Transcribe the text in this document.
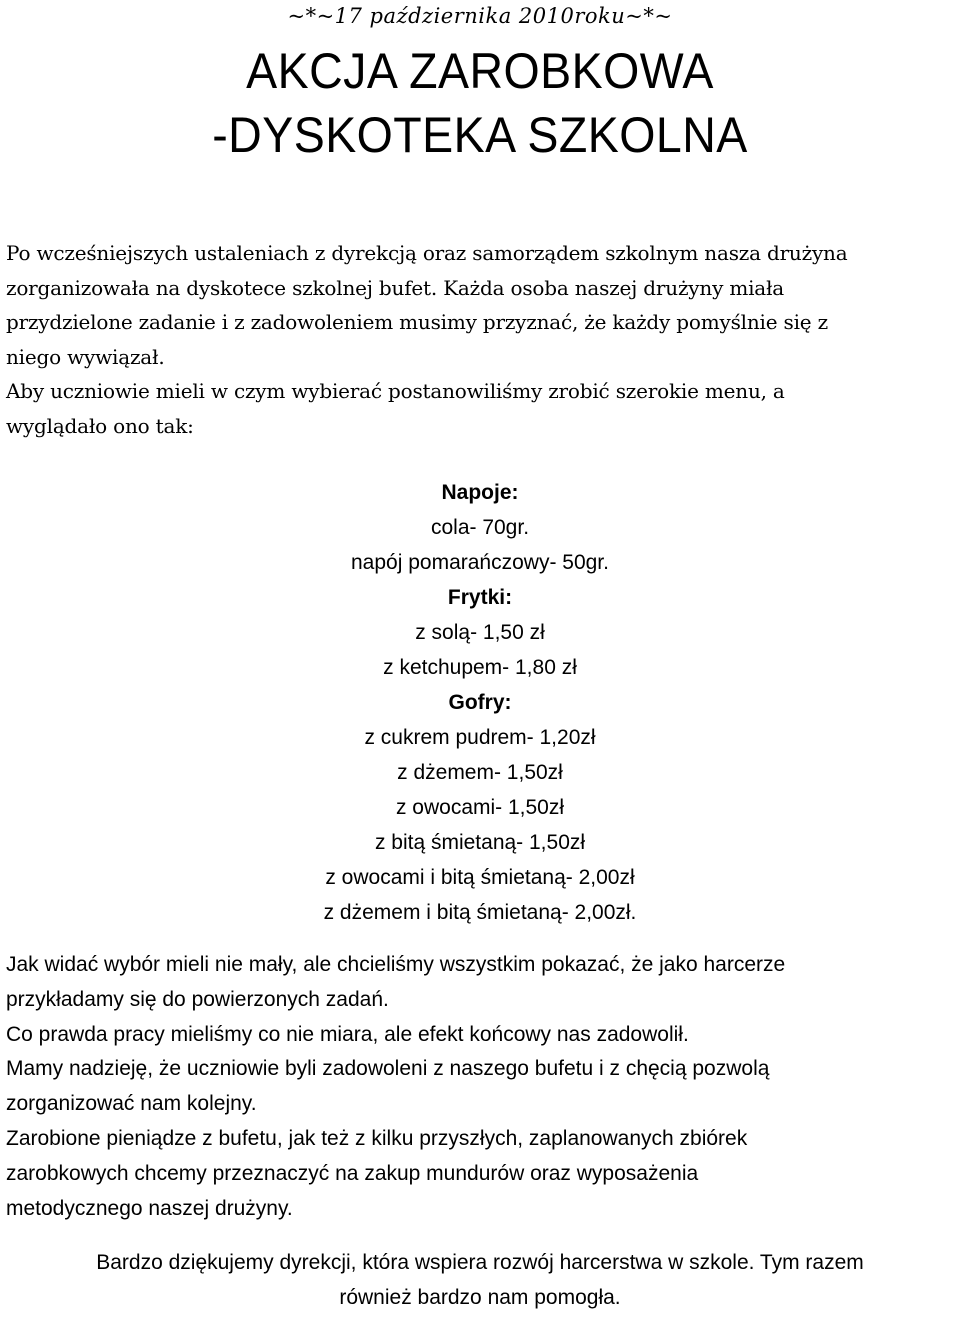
~*~17 października 2010roku~*~

AKCJA ZAROBKOWA
-DYSKOTEKA SZKOLNA

Po wcześniejszych ustaleniach z dyrekcją oraz samorządem szkolnym nasza drużyna

zorganizowała na dyskotece szkolnej bufet. Każda osoba naszej drużyny miała

przydzielone zadanie i z zadowoleniem musimy przyznać, że każdy pomyślnie się z

niego wywiązał.

Aby uczniowie mieli w czym wybierać postanowiliśmy zrobić szerokie menu, a

wyglądało ono tak:

Napoje:

cola- 70gr.

napój pomarańczowy- 50gr.

Frytki:

z solą- 1,50 zł

z ketchupem- 1,80 zł

Gofry:

z cukrem pudrem- 1,20zł

z dżemem- 1,50zł

z owocami- 1,50zł

z bitą śmietaną- 1,50zł

z owocami i bitą śmietaną- 2,00zł

z dżemem i bitą śmietaną- 2,00zł.

Jak widać wybór mieli nie mały, ale chcieliśmy wszystkim pokazać, że jako harcerze

przykładamy się do powierzonych zadań.

Co prawda pracy mieliśmy co nie miara, ale efekt końcowy nas zadowolił.

Mamy nadzieję, że uczniowie byli zadowoleni z naszego bufetu i z chęcią pozwolą

zorganizować nam kolejny.

Zarobione pieniądze z bufetu, jak też z kilku przyszłych, zaplanowanych zbiórek

zarobkowych chcemy przeznaczyć na zakup mundurów oraz wyposażenia

metodycznego naszej drużyny.

Bardzo dziękujemy dyrekcji, która wspiera rozwój harcerstwa w szkole. Tym razem
również bardzo nam pomogła.
